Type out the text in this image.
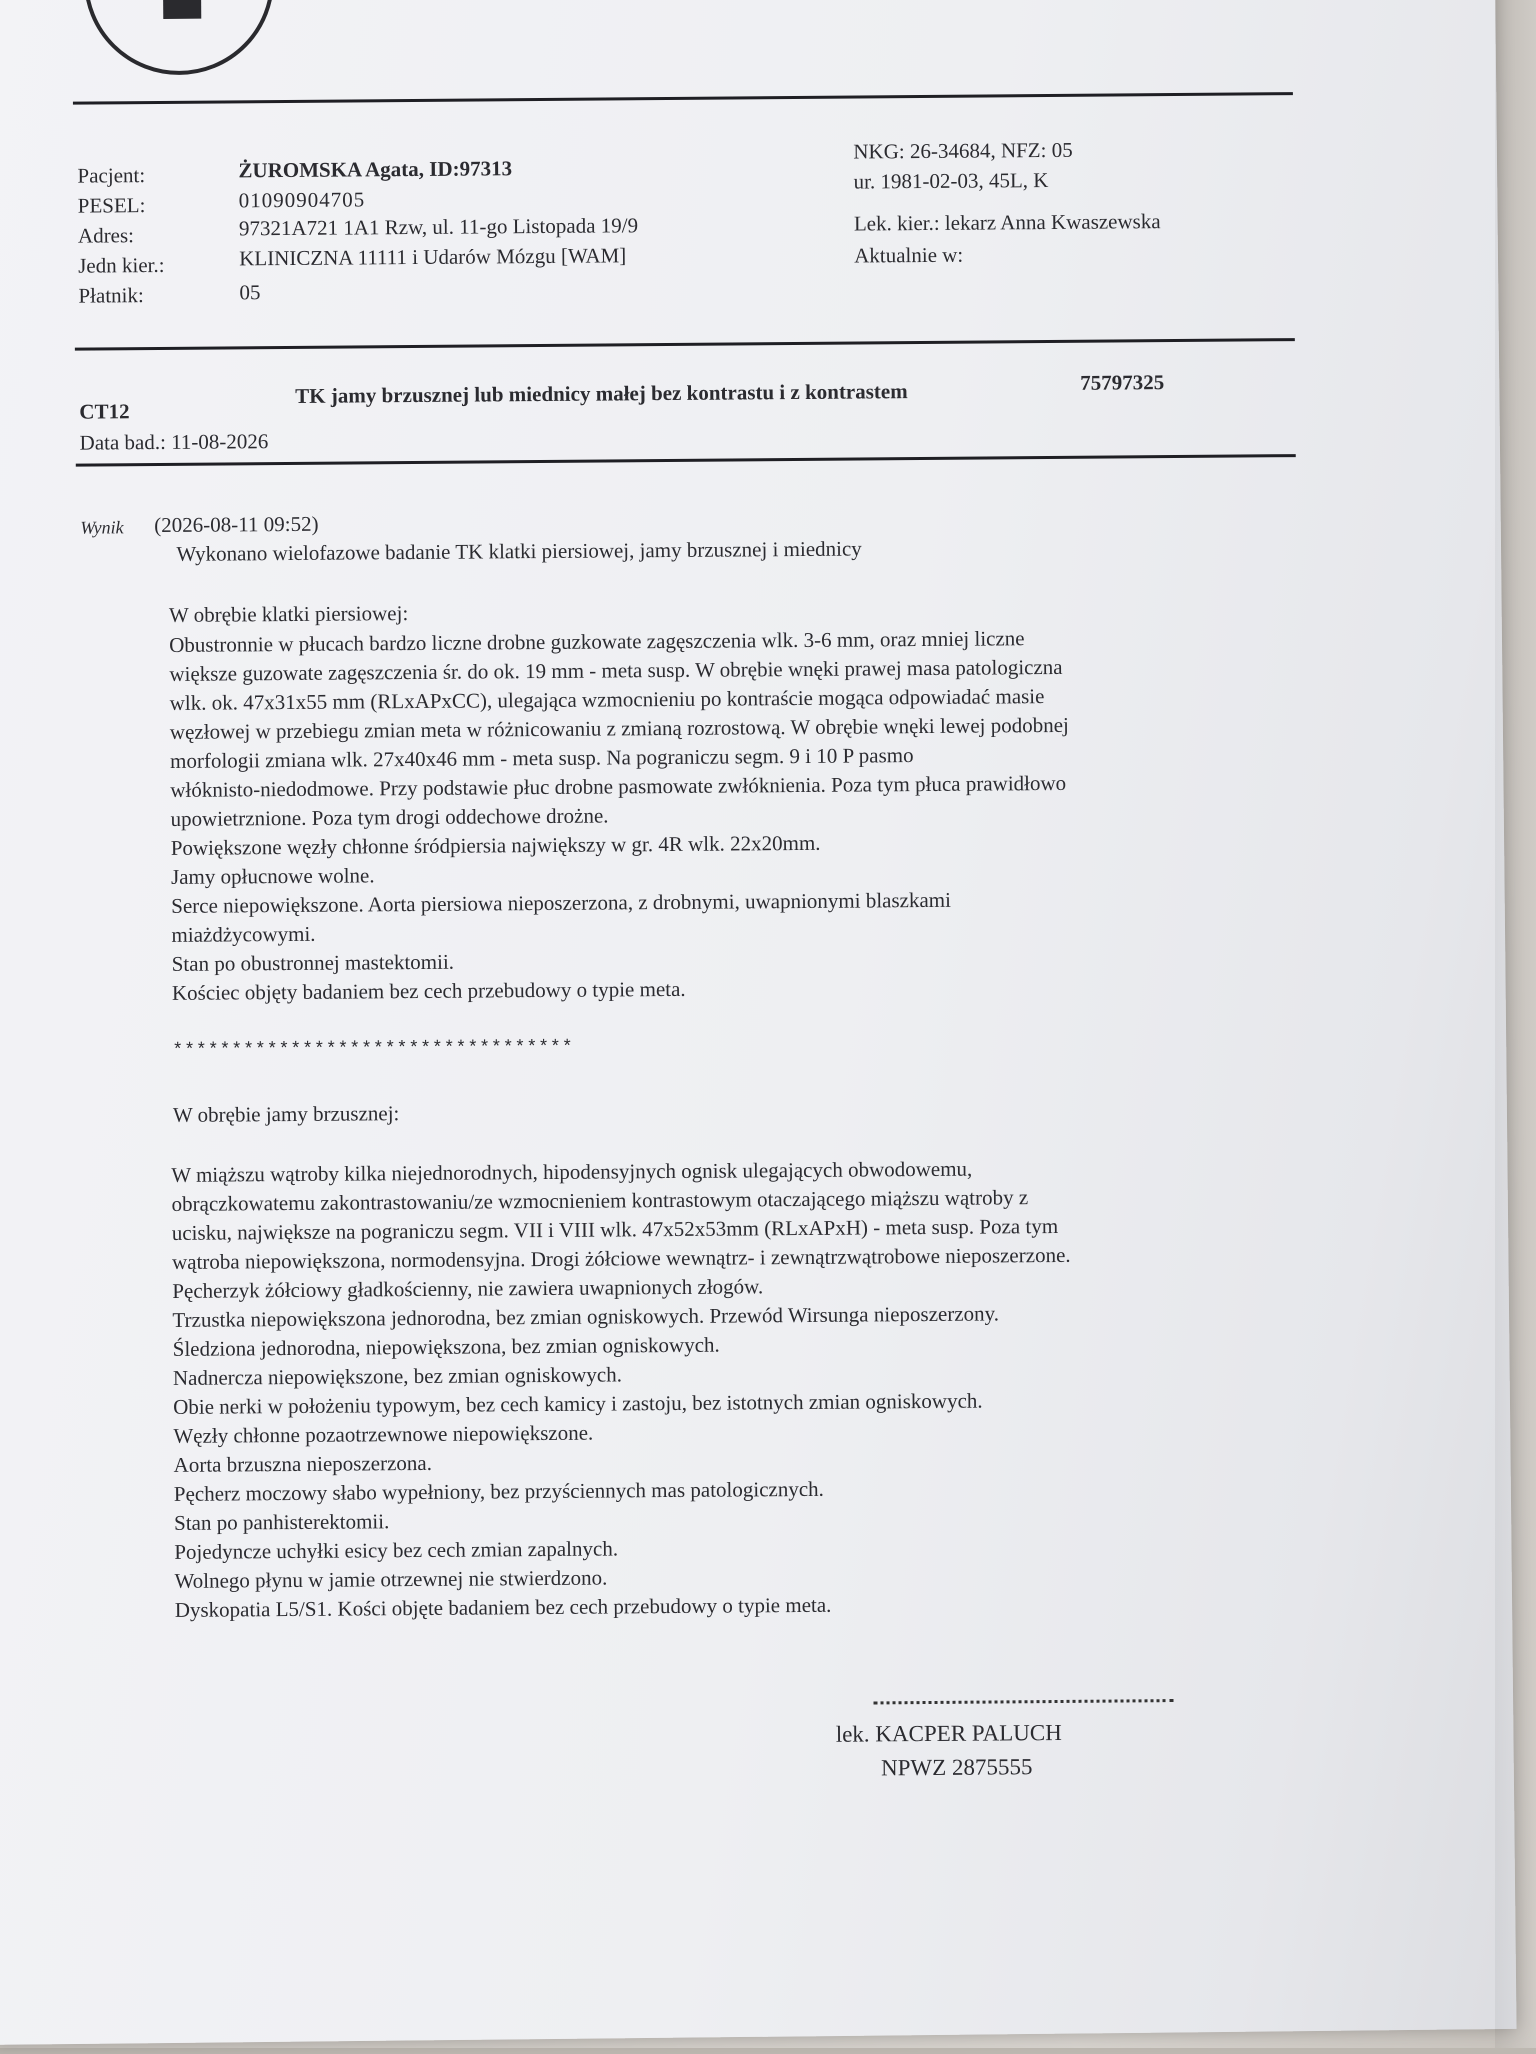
Pacjent:	ŻUROMSKA Agata, ID:97313
PESEL:	01090904705
Adres:	97321A721 1A1 Rzw, ul. 11-go Listopada 19/9
Jedn kier.:	KLINICZNA 11111 i Udarów Mózgu [WAM]
Płatnik:	05
NKG: 26-34684, NFZ: 05
ur. 1981-02-03, 45L, K
Lek. kier.: lekarz Anna Kwaszewska
Aktualnie w:
CT12
TK jamy brzusznej lub miednicy małej bez kontrastu i z kontrastem	75797325
Data bad.: 11-08-2026
Wynik (2026-08-11 09:52)
Wykonano wielofazowe badanie TK klatki piersiowej, jamy brzusznej i miednicy
W obrębie klatki piersiowej:
Obustronnie w płucach bardzo liczne drobne guzkowate zagęszczenia wlk. 3-6 mm, oraz mniej liczne
większe guzowate zagęszczenia śr. do ok. 19 mm - meta susp. W obrębie wnęki prawej masa patologiczna
wlk. ok. 47x31x55 mm (RLxAPxCC), ulegająca wzmocnieniu po kontraście mogąca odpowiadać masie
węzłowej w przebiegu zmian meta w różnicowaniu z zmianą rozrostową. W obrębie wnęki lewej podobnej
morfologii zmiana wlk. 27x40x46 mm - meta susp. Na pograniczu segm. 9 i 10 P pasmo
włóknisto-niedodmowe. Przy podstawie płuc drobne pasmowate zwłóknienia. Poza tym płuca prawidłowo
upowietrznione. Poza tym drogi oddechowe drożne.
Powiększone węzły chłonne śródpiersia największy w gr. 4R wlk. 22x20mm.
Jamy opłucnowe wolne.
Serce niepowiększone. Aorta piersiowa nieposzerzona, z drobnymi, uwapnionymi blaszkami
miażdżycowymi.
Stan po obustronnej mastektomii.
Kościec objęty badaniem bez cech przebudowy o typie meta.
**********************************
W obrębie jamy brzusznej:
W miąższu wątroby kilka niejednorodnych, hipodensyjnych ognisk ulegających obwodowemu,
obrączkowatemu zakontrastowaniu/ze wzmocnieniem kontrastowym otaczającego miąższu wątroby z
ucisku, największe na pograniczu segm. VII i VIII wlk. 47x52x53mm (RLxAPxH) - meta susp. Poza tym
wątroba niepowiększona, normodensyjna. Drogi żółciowe wewnątrz- i zewnątrzwątrobowe nieposzerzone.
Pęcherzyk żółciowy gładkościenny, nie zawiera uwapnionych złogów.
Trzustka niepowiększona jednorodna, bez zmian ogniskowych. Przewód Wirsunga nieposzerzony.
Śledziona jednorodna, niepowiększona, bez zmian ogniskowych.
Nadnercza niepowiększone, bez zmian ogniskowych.
Obie nerki w położeniu typowym, bez cech kamicy i zastoju, bez istotnych zmian ogniskowych.
Węzły chłonne pozaotrzewnowe niepowiększone.
Aorta brzuszna nieposzerzona.
Pęcherz moczowy słabo wypełniony, bez przyściennych mas patologicznych.
Stan po panhisterektomii.
Pojedyncze uchyłki esicy bez cech zmian zapalnych.
Wolnego płynu w jamie otrzewnej nie stwierdzono.
Dyskopatia L5/S1. Kości objęte badaniem bez cech przebudowy o typie meta.
lek. KACPER PALUCH
NPWZ 2875555
